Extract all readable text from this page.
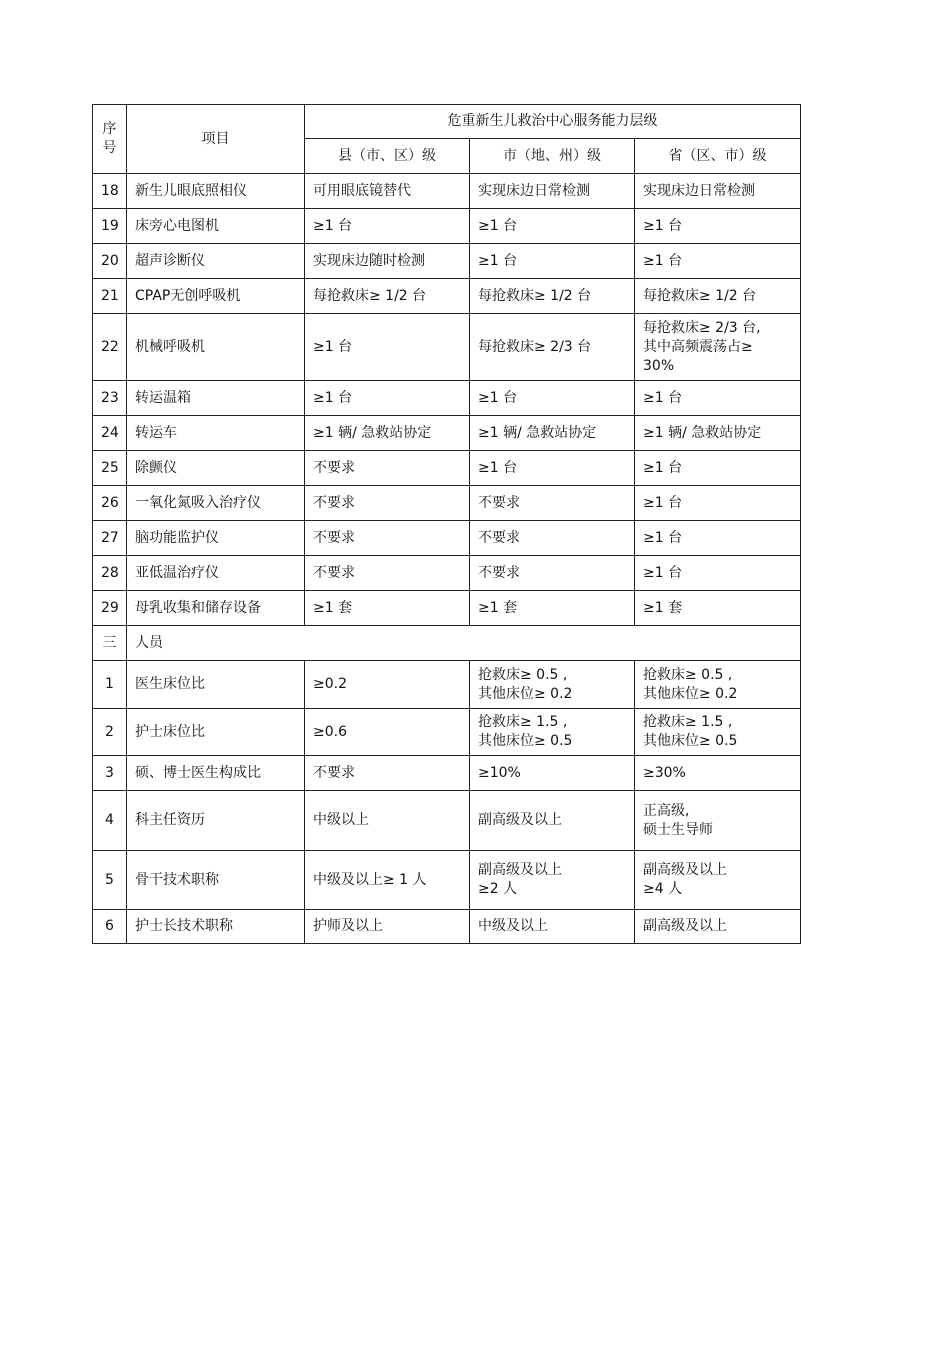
序
号	项目	危重新生儿救治中心服务能力层级		
		县（市、区）级	市（地、州）级	省（区、市）级
18	新生儿眼底照相仪	可用眼底镜替代	实现床边日常检测	实现床边日常检测
19	床旁心电图机	≥1 台	≥1 台	≥1 台
20	超声诊断仪	实现床边随时检测	≥1 台	≥1 台
21	CPAP无创呼吸机	每抢救床≥ 1/2 台	每抢救床≥ 1/2 台	每抢救床≥ 1/2 台
22	机械呼吸机	≥1 台	每抢救床≥ 2/3 台	每抢救床≥ 2/3 台,
其中高频震荡占≥
30%
23	转运温箱	≥1 台	≥1 台	≥1 台
24	转运车	≥1 辆/ 急救站协定	≥1 辆/ 急救站协定	≥1 辆/ 急救站协定
25	除颤仪	不要求	≥1 台	≥1 台
26	一氧化氮吸入治疗仪	不要求	不要求	≥1 台
27	脑功能监护仪	不要求	不要求	≥1 台
28	亚低温治疗仪	不要求	不要求	≥1 台
29	母乳收集和储存设备	≥1 套	≥1 套	≥1 套
三	人员			
1	医生床位比	≥0.2	抢救床≥ 0.5 ,
其他床位≥ 0.2	抢救床≥ 0.5 ,
其他床位≥ 0.2
2	护士床位比	≥0.6	抢救床≥ 1.5 ,
其他床位≥ 0.5	抢救床≥ 1.5 ,
其他床位≥ 0.5
3	硕、博士医生构成比	不要求	≥10%	≥30%
4	科主任资历	中级以上	副高级及以上	正高级,
硕士生导师
5	骨干技术职称	中级及以上≥ 1 人	副高级及以上
≥2 人	副高级及以上
≥4 人
6	护士长技术职称	护师及以上	中级及以上	副高级及以上
